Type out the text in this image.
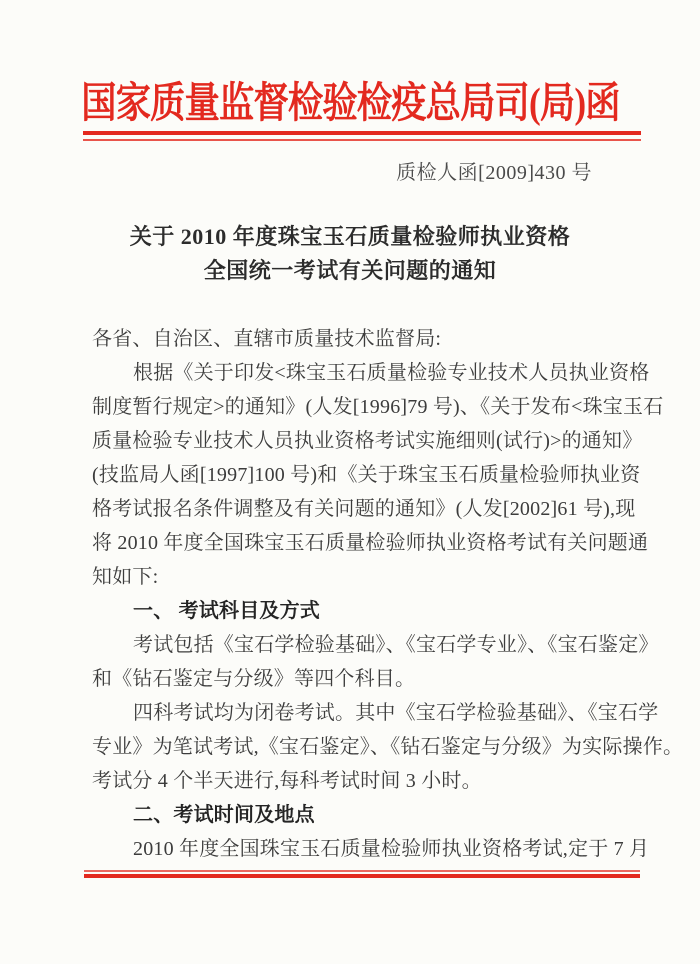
国家质量监督检验检疫总局司(局)函
质检人函[2009]430 号
关于 2010 年度珠宝玉石质量检验师执业资格
全国统一考试有关问题的通知
各省、自治区、直辖市质量技术监督局:
根据《关于印发<珠宝玉石质量检验专业技术人员执业资格
制度暂行规定>的通知》(人发[1996]79 号)、《关于发布<珠宝玉石
质量检验专业技术人员执业资格考试实施细则(试行)>的通知》
(技监局人函[1997]100 号)和《关于珠宝玉石质量检验师执业资
格考试报名条件调整及有关问题的通知》(人发[2002]61 号),现
将 2010 年度全国珠宝玉石质量检验师执业资格考试有关问题通
知如下:
一、 考试科目及方式
考试包括《宝石学检验基础》、《宝石学专业》、《宝石鉴定》
和《钻石鉴定与分级》等四个科目。
四科考试均为闭卷考试。其中《宝石学检验基础》、《宝石学
专业》为笔试考试,《宝石鉴定》、《钻石鉴定与分级》为实际操作。
考试分 4 个半天进行,每科考试时间 3 小时。
二、考试时间及地点
2010 年度全国珠宝玉石质量检验师执业资格考试,定于 7 月
